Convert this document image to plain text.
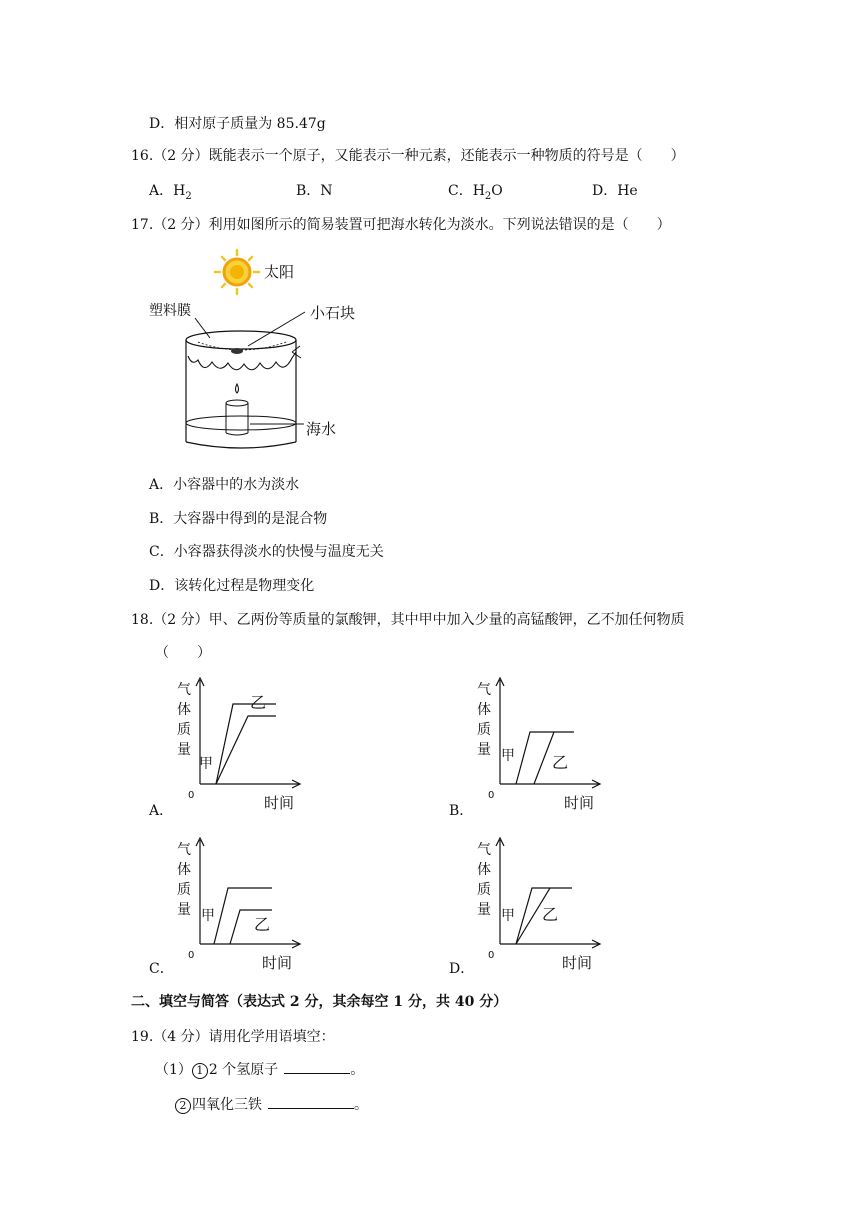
D．相对原子质量为 85.47g
16.（2 分）既能表示一个原子，又能表示一种元素，还能表示一种物质的符号是（　　）
A．$H_2$	B．N	C．$H_2O$	D．He
17.（2 分）利用如图所示的简易装置可把海水转化为淡水。下列说法错误的是（　　）
太阳
塑料膜	小石块
海水
A．小容器中的水为淡水
B．大容器中得到的是混合物
C．小容器获得淡水的快慢与温度无关
D．该转化过程是物理变化
18.（2 分）甲、乙两份等质量的氯酸钾，其中甲中加入少量的高锰酸钾，乙不加任何物质
（　　）
气
体
质
量
乙
甲
0	时间
A．
气
体
质
量
乙
甲
0	时间
B．
气
体
质
量
乙
甲
0	时间
C．
气
体
质
量	乙
甲
0	时间
D．
二、填空与简答（表达式 2 分，其余每空 1 分，共 40 分）
19.（4 分）请用化学用语填空：
（1） 1 2 个氢原子	。
2 四氧化三铁	。
